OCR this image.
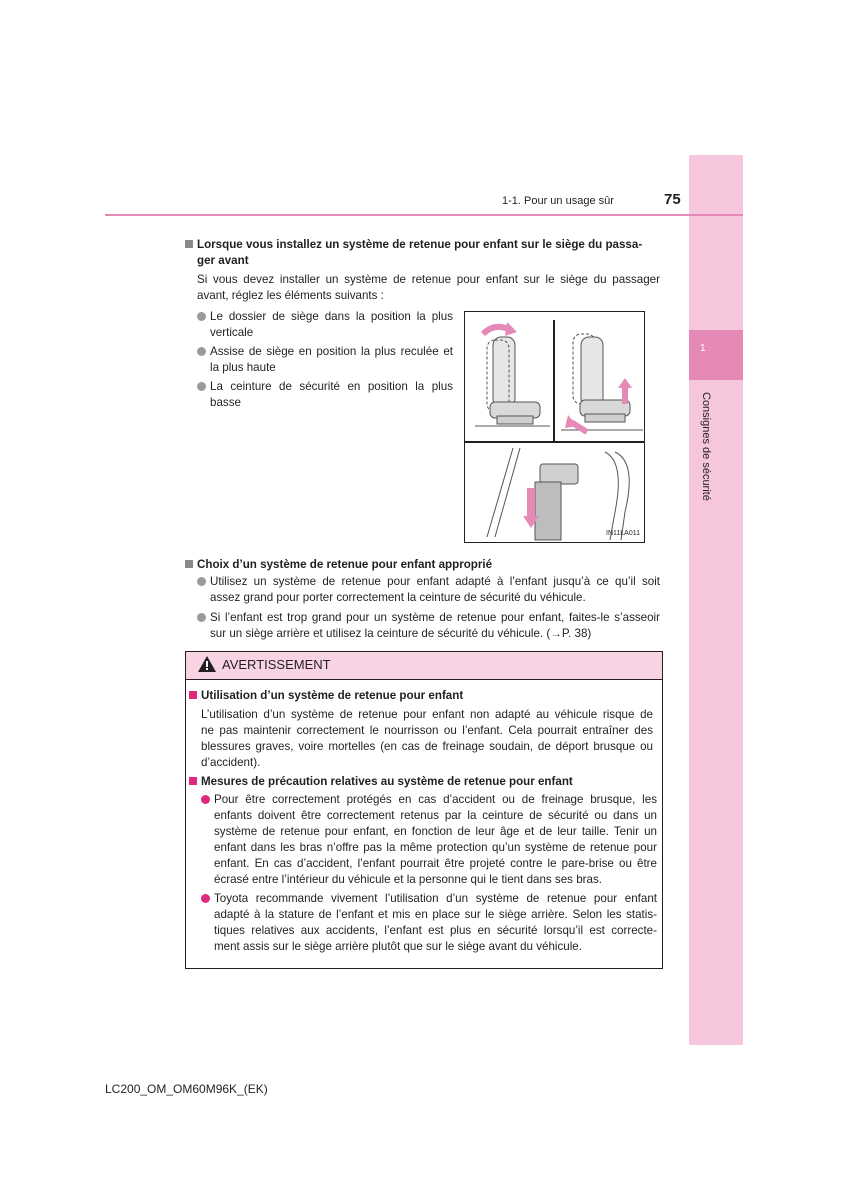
1
Consignes de sécurité
1-1. Pour un usage sûr	75
Lorsque vous installez un système de retenue pour enfant sur le siège du passa-
ger avant
Si vous devez installer un système de retenue pour enfant sur le siège du passager
avant, réglez les éléments suivants :
Le dossier de siège dans la position la plus
verticale
Assise de siège en position la plus reculée et
la plus haute
La ceinture de sécurité en position la plus
basse
IN11LA011
Choix d’un système de retenue pour enfant approprié
Utilisez un système de retenue pour enfant adapté à l’enfant jusqu’à ce qu’il soit
assez grand pour porter correctement la ceinture de sécurité du véhicule.
Si l’enfant est trop grand pour un système de retenue pour enfant, faites-le s’asseoir
sur un siège arrière et utilisez la ceinture de sécurité du véhicule. (→P. 38)
AVERTISSEMENT
Utilisation d’un système de retenue pour enfant
L’utilisation d’un système de retenue pour enfant non adapté au véhicule risque de
ne pas maintenir correctement le nourrisson ou l’enfant. Cela pourrait entraîner des
blessures graves, voire mortelles (en cas de freinage soudain, de déport brusque ou
d’accident).
Mesures de précaution relatives au système de retenue pour enfant
Pour être correctement protégés en cas d’accident ou de freinage brusque, les
enfants doivent être correctement retenus par la ceinture de sécurité ou dans un
système de retenue pour enfant, en fonction de leur âge et de leur taille. Tenir un
enfant dans les bras n’offre pas la même protection qu’un système de retenue pour
enfant. En cas d’accident, l’enfant pourrait être projeté contre le pare-brise ou être
écrasé entre l’intérieur du véhicule et la personne qui le tient dans ses bras.
Toyota recommande vivement l’utilisation d’un système de retenue pour enfant
adapté à la stature de l’enfant et mis en place sur le siège arrière. Selon les statis-
tiques relatives aux accidents, l’enfant est plus en sécurité lorsqu’il est correcte-
ment assis sur le siège arrière plutôt que sur le siège avant du véhicule.
LC200_OM_OM60M96K_(EK)
